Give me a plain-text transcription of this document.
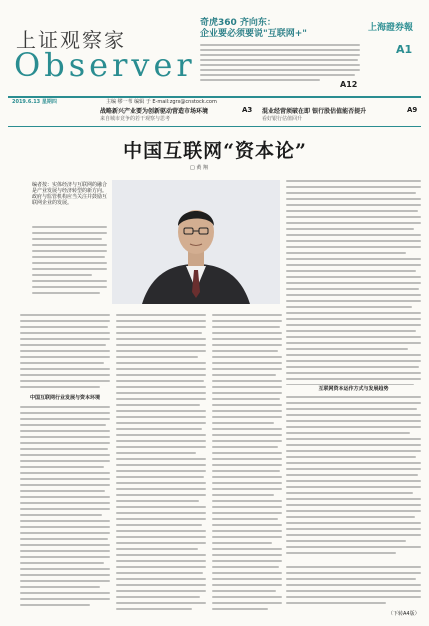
上证观察家
Observer
奇虎360 齐向东：
企业要必须要说"互联网+"
A12
上海證券報
A1
2019.6.13 星期四	主编 缪一苇 编辑 于 E-mail:zgrx@cnstock.com
战略新兴产业要为创新驱动营造市场环境
来自城市竞争的若干观察与思考
A3 混业经营须破在即 银行股估值能否提升
看好银行估值回升
A9
中国互联网“资本论”
□ 黄 翔
编者按：实体经济与互联网的融合是产业发展与经济转型的新方向。政府与监管机构应当关注并鼓励互联网企业的发展。
中国互联网行业发展与资本环境
互联网资本运作方式与发展趋势
（下转A4版）
